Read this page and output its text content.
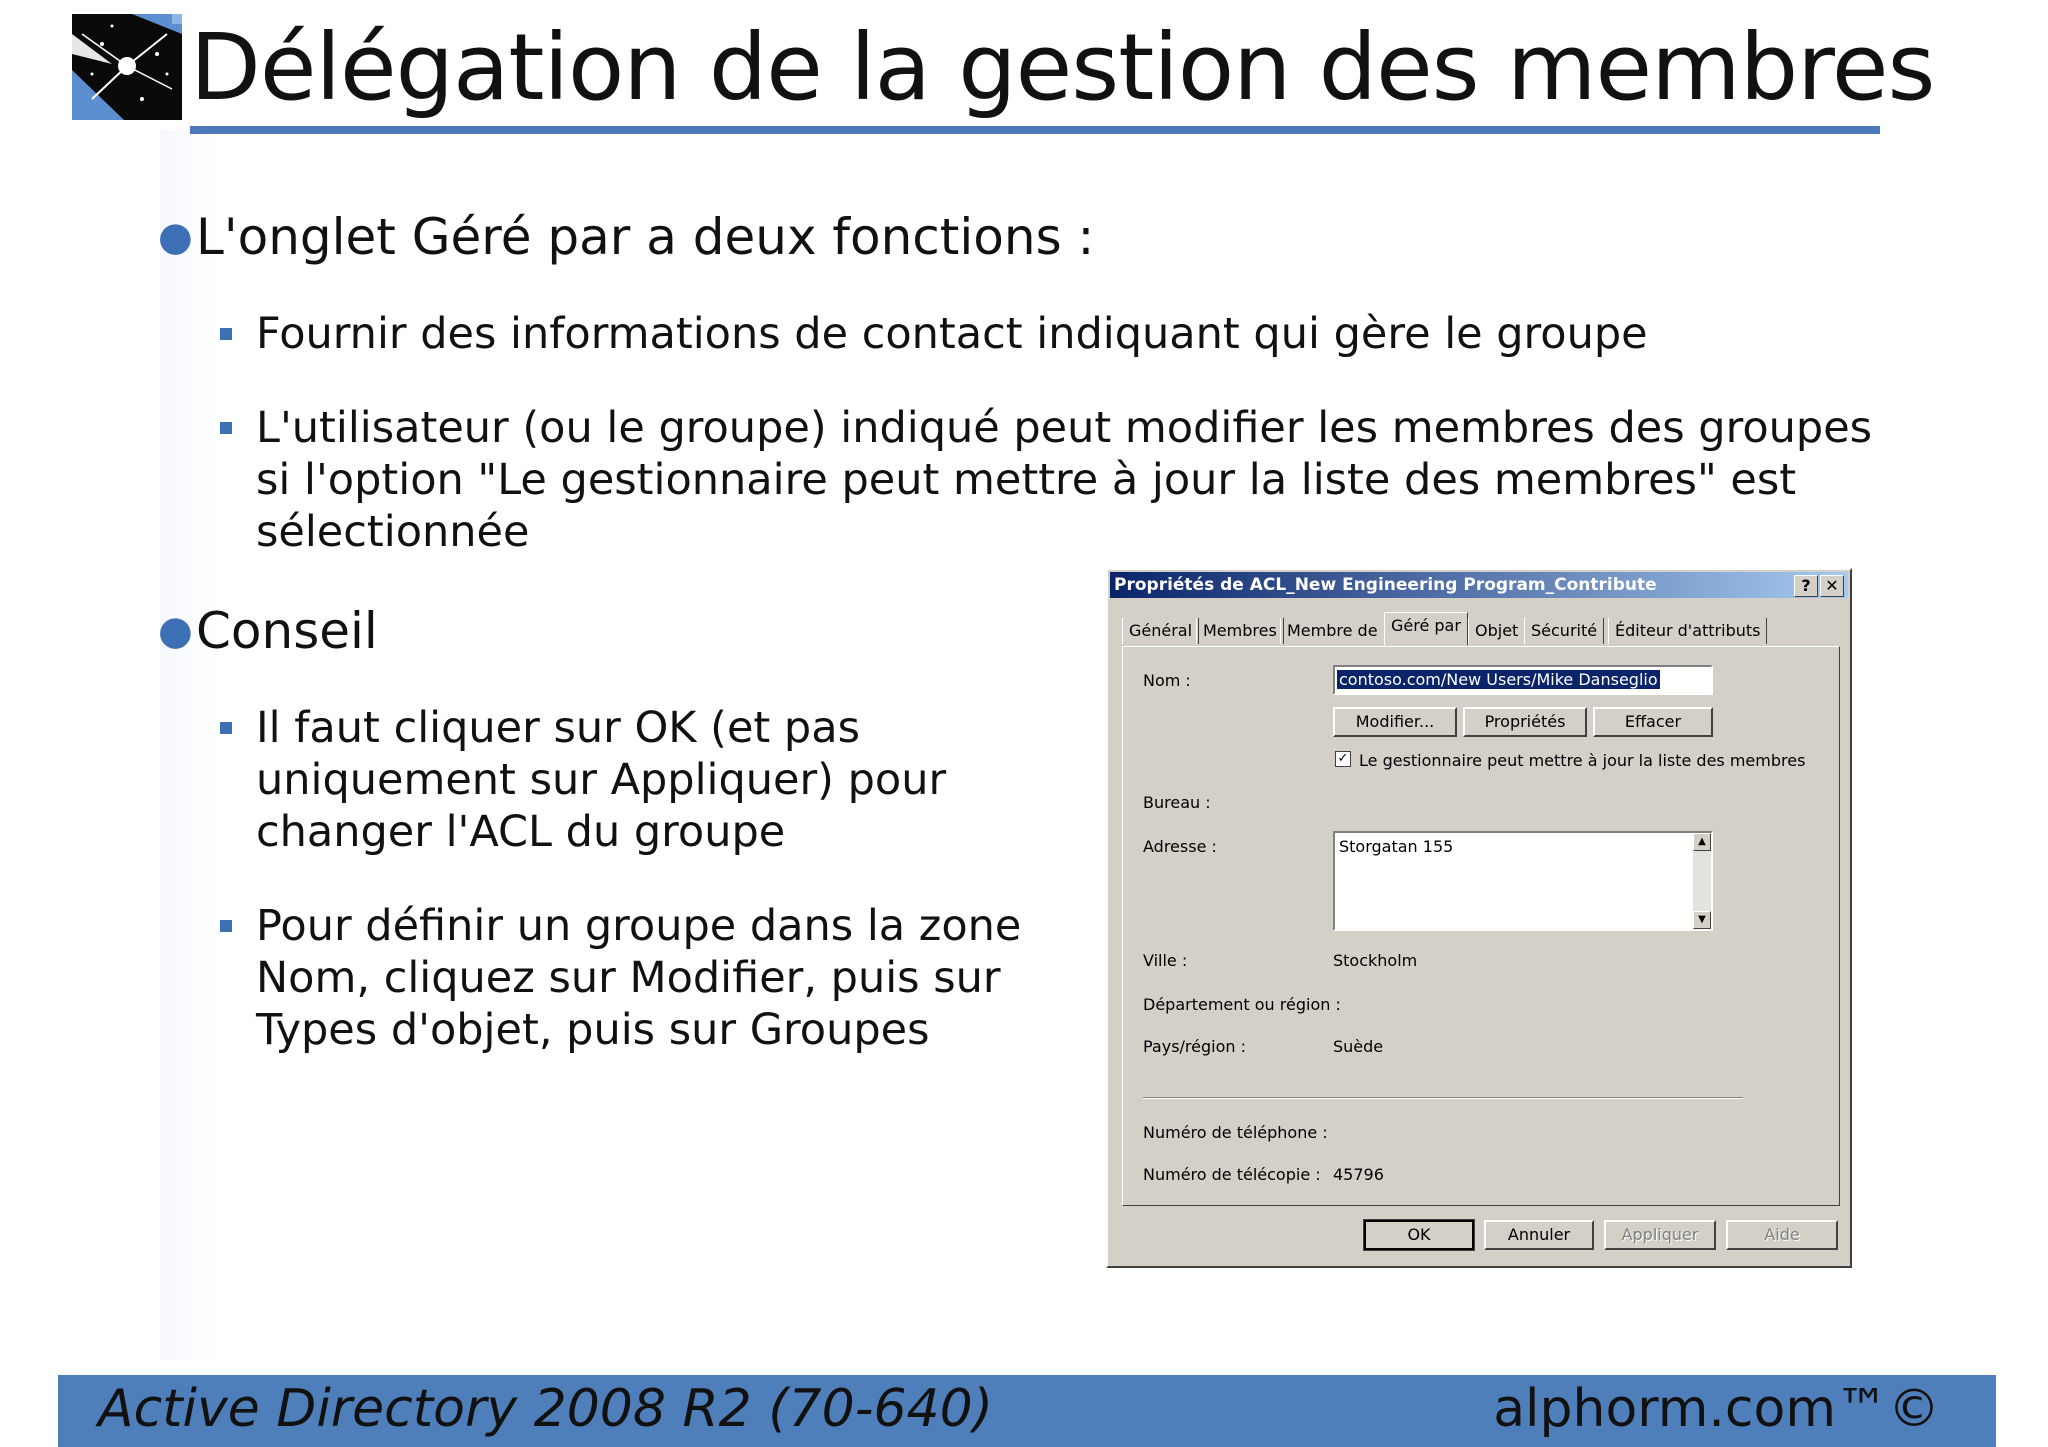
Délégation de la gestion des membres
● L'onglet Géré par a deux fonctions :
Fournir des informations de contact indiquant qui gère le groupe
L'utilisateur (ou le groupe) indiqué peut modifier les membres des groupes
si l'option "Le gestionnaire peut mettre à jour la liste des membres" est
sélectionnée
● Conseil
Il faut cliquer sur OK (et pas
uniquement sur Appliquer) pour
changer l'ACL du groupe
Pour définir un groupe dans la zone
Nom, cliquez sur Modifier, puis sur
Types d'objet, puis sur Groupes
Propriétés de ACL_New Engineering Program_Contribute	? ✕
Général Membres Membre de Géré par Objet Sécurité	Éditeur d'attributs
Nom :	contoso.com/New Users/Mike Danseglio
Modifier...	Propriétés	Effacer
✓ Le gestionnaire peut mettre à jour la liste des membres
Bureau :
Adresse :	Storgatan 155	▲
▼
Ville :	Stockholm
Département ou région :
Pays/région :	Suède
Numéro de téléphone :
Numéro de télécopie : 45796
OK	Annuler	Appliquer	Aide
Active Directory 2008 R2 (70-640)	alphorm.com™©
